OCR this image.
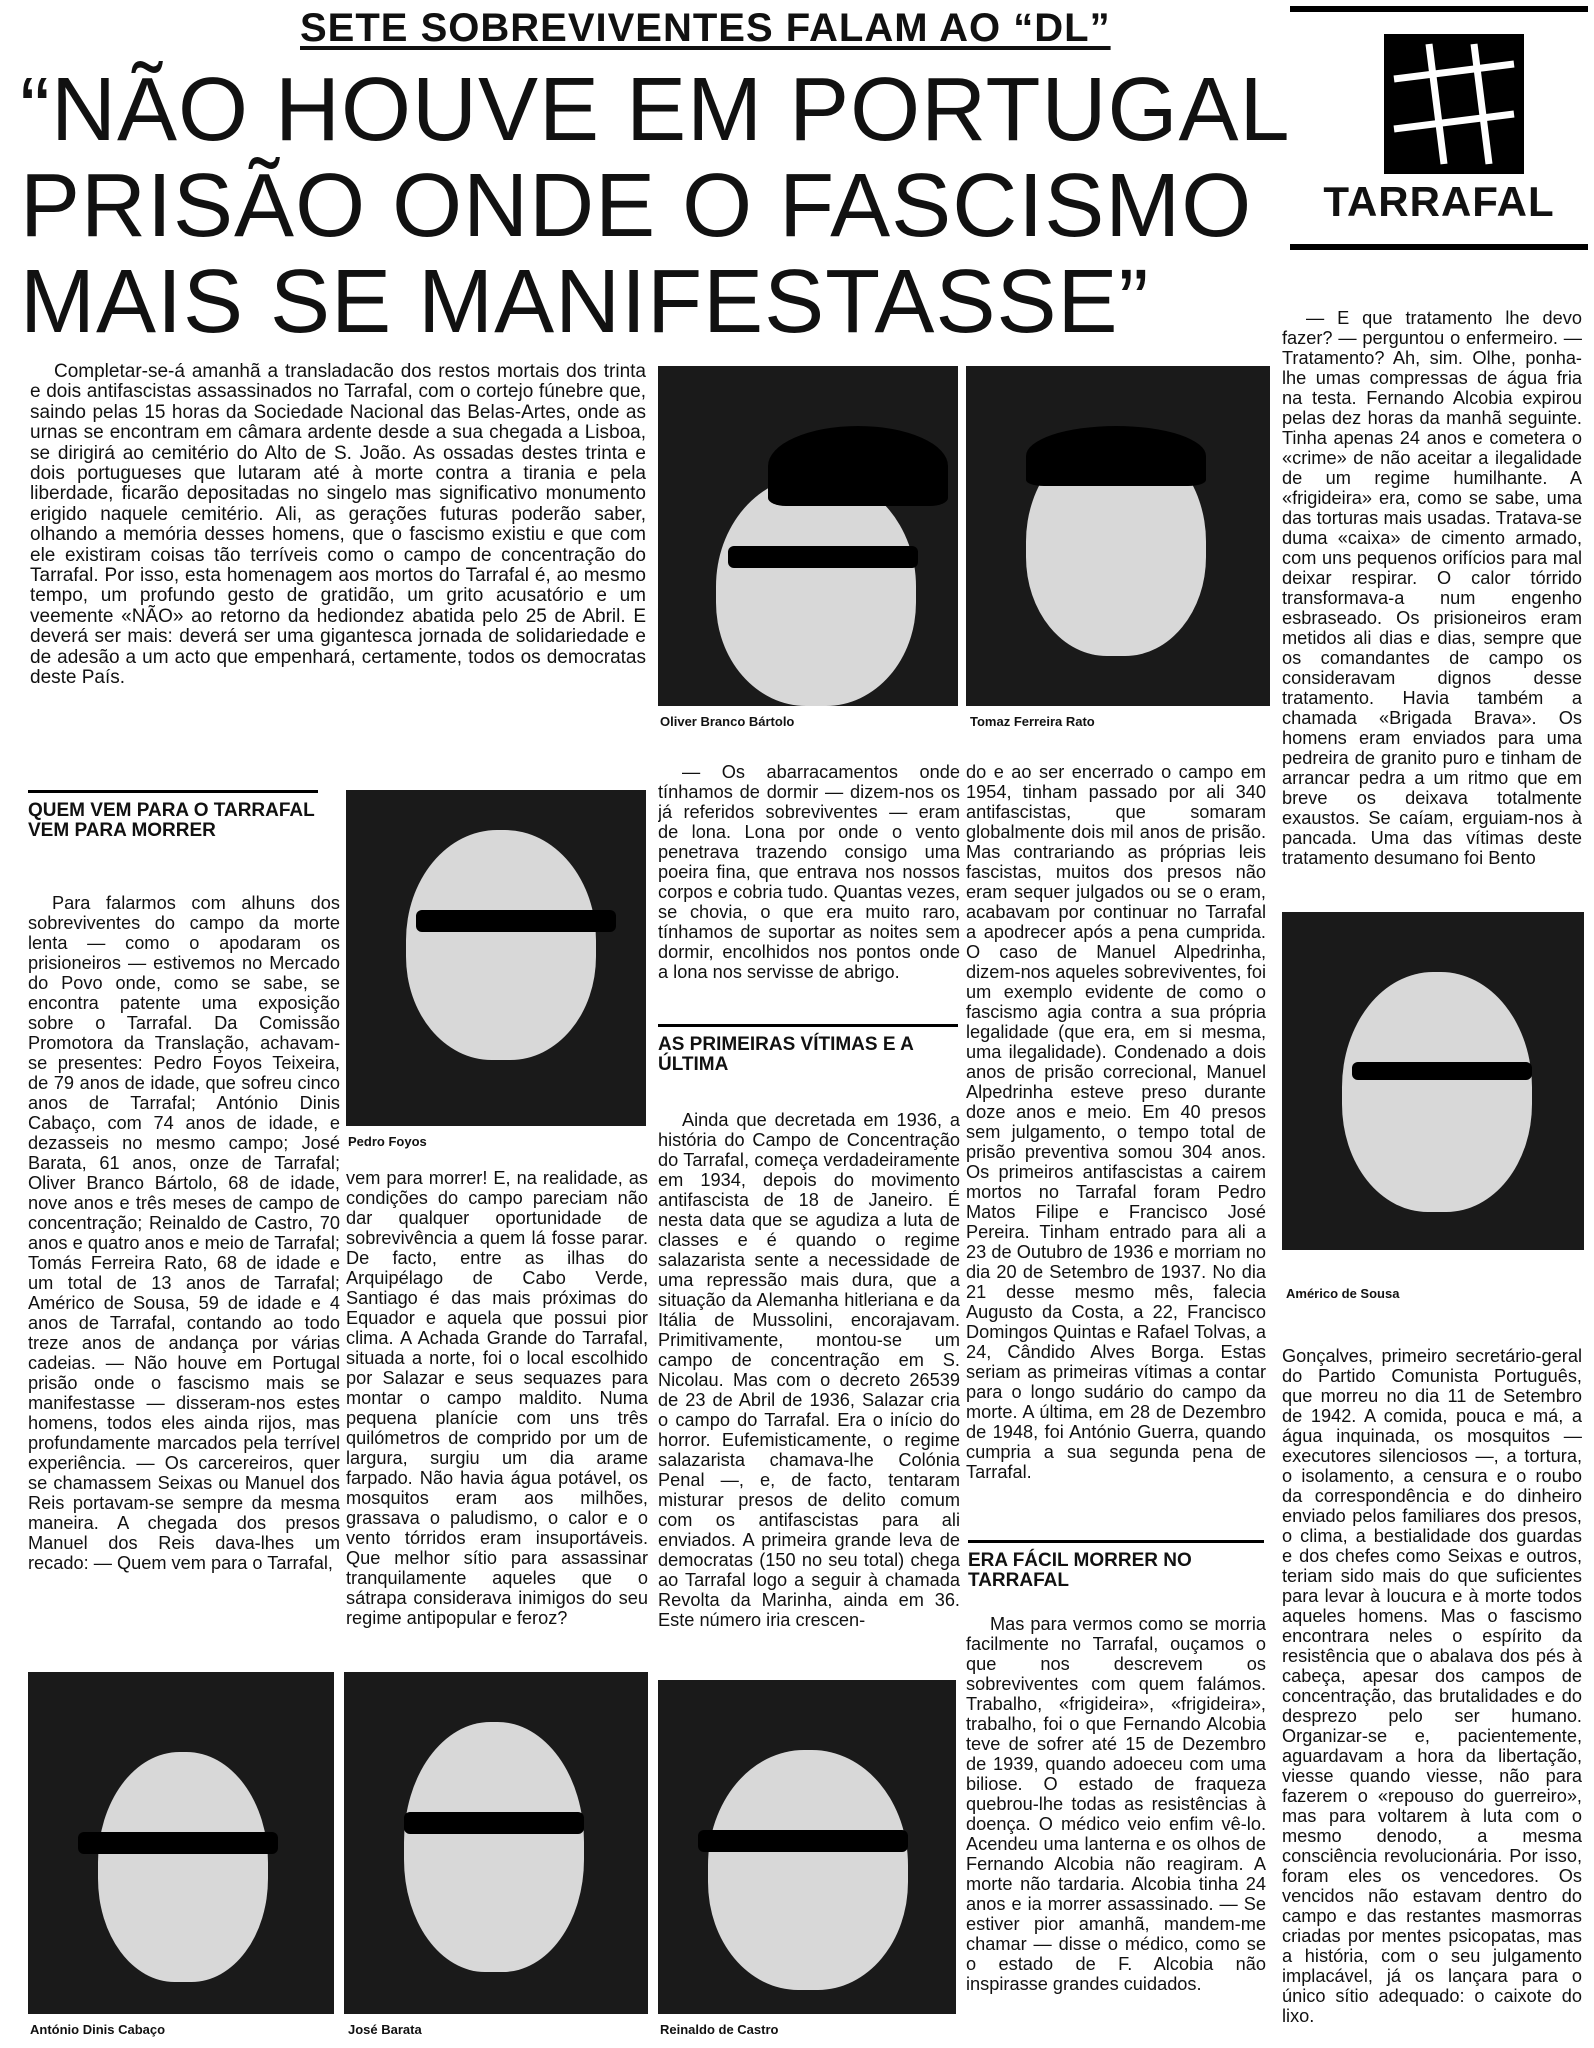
SETE SOBREVIVENTES FALAM AO “DL”
“NÃO HOUVE EM PORTUGAL
PRISÃO ONDE O FASCISMO
MAIS SE MANIFESTASSE”
TARRAFAL

Completar-se-á amanhã a transladacão dos restos mortais dos trinta e dois antifascistas assassinados no Tarrafal, com o cortejo fúnebre que, saindo pelas 15 horas da Sociedade Nacional das Belas-Artes, onde as urnas se encontram em câmara ardente desde a sua chegada a Lisboa, se dirigirá ao cemitério do Alto de S. João. As ossadas destes trinta e dois portugueses que lutaram até à morte contra a tirania e pela liberdade, ficarão depositadas no singelo mas significativo monumento erigido naquele cemitério. Ali, as gerações futuras poderão saber, olhando a memória desses homens, que o fascismo existiu e que com ele existiram coisas tão terríveis como o campo de concentração do Tarrafal. Por isso, esta homenagem aos mortos do Tarrafal é, ao mesmo tempo, um profundo gesto de gratidão, um grito acusatório e um veemente «NÃO» ao retorno da hediondez abatida pelo 25 de Abril. E deverá ser mais: deverá ser uma gigantesca jornada de solidariedade e de adesão a um acto que empenhará, certamente, todos os democratas deste País.

Oliver Branco Bártolo	Tomaz Ferreira Rato
QUEM VEM PARA O TARRAFAL VEM PARA MORRER

Para falarmos com alhuns dos sobreviventes do campo da morte lenta — como o apodaram os prisioneiros — estivemos no Mercado do Povo onde, como se sabe, se encontra patente uma exposição sobre o Tarrafal. Da Comissão Promotora da Translação, achavam-se presentes: Pedro Foyos Teixeira, de 79 anos de idade, que sofreu cinco anos de Tarrafal; António Dinis Cabaço, com 74 anos de idade, e dezasseis no mesmo campo; José Barata, 61 anos, onze de Tarrafal; Oliver Branco Bártolo, 68 de idade, nove anos e três meses de campo de concentração; Reinaldo de Castro, 70 anos e quatro anos e meio de Tarrafal; Tomás Ferreira Rato, 68 de idade e um total de 13 anos de Tarrafal; Américo de Sousa, 59 de idade e 4 anos de Tarrafal, contando ao todo treze anos de andança por várias cadeias. — Não houve em Portugal prisão onde o fascismo mais se manifestasse — disseram-nos estes homens, todos eles ainda rijos, mas profundamente marcados pela terrível experiência. — Os carcereiros, quer se chamassem Seixas ou Manuel dos Reis portavam-se sempre da mesma maneira. A chegada dos presos Manuel dos Reis dava-lhes um recado: — Quem vem para o Tarrafal,

Pedro Foyos

vem para morrer! E, na realidade, as condições do campo pareciam não dar qualquer oportunidade de sobrevivência a quem lá fosse parar. De facto, entre as ilhas do Arquipélago de Cabo Verde, Santiago é das mais próximas do Equador e aquela que possui pior clima. A Achada Grande do Tarrafal, situada a norte, foi o local escolhido por Salazar e seus sequazes para montar o campo maldito. Numa pequena planície com uns três quilómetros de comprido por um de largura, surgiu um dia arame farpado. Não havia água potável, os mosquitos eram aos milhões, grassava o paludismo, o calor e o vento tórridos eram insuportáveis. Que melhor sítio para assassinar tranquilamente aqueles que o sátrapa considerava inimigos do seu regime antipopular e feroz?

— Os abarracamentos onde tínhamos de dormir — dizem-nos os já referidos sobreviventes — eram de lona. Lona por onde o vento penetrava trazendo consigo uma poeira fina, que entrava nos nossos corpos e cobria tudo. Quantas vezes, se chovia, o que era muito raro, tínhamos de suportar as noites sem dormir, encolhidos nos pontos onde a lona nos servisse de abrigo.

AS PRIMEIRAS VÍTIMAS E A ÚLTIMA

Ainda que decretada em 1936, a história do Campo de Concentração do Tarrafal, começa verdadeiramente em 1934, depois do movimento antifascista de 18 de Janeiro. É nesta data que se agudiza a luta de classes e é quando o regime salazarista sente a necessidade de uma repressão mais dura, que a situação da Alemanha hitleriana e da Itália de Mussolini, encorajavam. Primitivamente, montou-se um campo de concentração em S. Nicolau. Mas com o decreto 26539 de 23 de Abril de 1936, Salazar cria o campo do Tarrafal. Era o início do horror. Eufemisticamente, o regime salazarista chamava-lhe Colónia Penal —, e, de facto, tentaram misturar presos de delito comum com os antifascistas para ali enviados. A primeira grande leva de democratas (150 no seu total) chega ao Tarrafal logo a seguir à chamada Revolta da Marinha, ainda em 36. Este número iria crescen-

do e ao ser encerrado o campo em 1954, tinham passado por ali 340 antifascistas, que somaram globalmente dois mil anos de prisão. Mas contrariando as próprias leis fascistas, muitos dos presos não eram sequer julgados ou se o eram, acabavam por continuar no Tarrafal a apodrecer após a pena cumprida. O caso de Manuel Alpedrinha, dizem-nos aqueles sobreviventes, foi um exemplo evidente de como o fascismo agia contra a sua própria legalidade (que era, em si mesma, uma ilegalidade). Condenado a dois anos de prisão correcional, Manuel Alpedrinha esteve preso durante doze anos e meio. Em 40 presos sem julgamento, o tempo total de prisão preventiva somou 304 anos. Os primeiros antifascistas a cairem mortos no Tarrafal foram Pedro Matos Filipe e Francisco José Pereira. Tinham entrado para ali a 23 de Outubro de 1936 e morriam no dia 20 de Setembro de 1937. No dia 21 desse mesmo mês, falecia Augusto da Costa, a 22, Francisco Domingos Quintas e Rafael Tolvas, a 24, Cândido Alves Borga. Estas seriam as primeiras vítimas a contar para o longo sudário do campo da morte. A última, em 28 de Dezembro de 1948, foi António Guerra, quando cumpria a sua segunda pena de Tarrafal.

ERA FÁCIL MORRER NO TARRAFAL

Mas para vermos como se morria facilmente no Tarrafal, ouçamos o que nos descrevem os sobreviventes com quem falámos. Trabalho, «frigideira», «frigideira», trabalho, foi o que Fernando Alcobia teve de sofrer até 15 de Dezembro de 1939, quando adoeceu com uma biliose. O estado de fraqueza quebrou-lhe todas as resistências à doença. O médico veio enfim vê-lo. Acendeu uma lanterna e os olhos de Fernando Alcobia não reagiram. A morte não tardaria. Alcobia tinha 24 anos e ia morrer assassinado. — Se estiver pior amanhã, mandem-me chamar — disse o médico, como se o estado de F. Alcobia não inspirasse grandes cuidados.

— E que tratamento lhe devo fazer? — perguntou o enfermeiro. — Tratamento? Ah, sim. Olhe, ponha-lhe umas compressas de água fria na testa. Fernando Alcobia expirou pelas dez horas da manhã seguinte. Tinha apenas 24 anos e cometera o «crime» de não aceitar a ilegalidade de um regime humilhante. A «frigideira» era, como se sabe, uma das torturas mais usadas. Tratava-se duma «caixa» de cimento armado, com uns pequenos orifícios para mal deixar respirar. O calor tórrido transformava-a num engenho esbraseado. Os prisioneiros eram metidos ali dias e dias, sempre que os comandantes de campo os consideravam dignos desse tratamento. Havia também a chamada «Brigada Brava». Os homens eram enviados para uma pedreira de granito puro e tinham de arrancar pedra a um ritmo que em breve os deixava totalmente exaustos. Se caíam, erguiam-nos à pancada. Uma das vítimas deste tratamento desumano foi Bento

Américo de Sousa

Gonçalves, primeiro secretário-geral do Partido Comunista Português, que morreu no dia 11 de Setembro de 1942. A comida, pouca e má, a água inquinada, os mosquitos — executores silenciosos —, a tortura, o isolamento, a censura e o roubo da correspondência e do dinheiro enviado pelos familiares dos presos, o clima, a bestialidade dos guardas e dos chefes como Seixas e outros, teriam sido mais do que suficientes para levar à loucura e à morte todos aqueles homens. Mas o fascismo encontrara neles o espírito da resistência que o abalava dos pés à cabeça, apesar dos campos de concentração, das brutalidades e do desprezo pelo ser humano. Organizar-se e, pacientemente, aguardavam a hora da libertação, viesse quando viesse, não para fazerem o «repouso do guerreiro», mas para voltarem à luta com o mesmo denodo, a mesma consciência revolucionária. Por isso, foram eles os vencedores. Os vencidos não estavam dentro do campo e das restantes masmorras criadas por mentes psicopatas, mas a história, com o seu julgamento implacável, já os lançara para o único sítio adequado: o caixote do lixo.

António Dinis Cabaço	José Barata	Reinaldo de Castro
